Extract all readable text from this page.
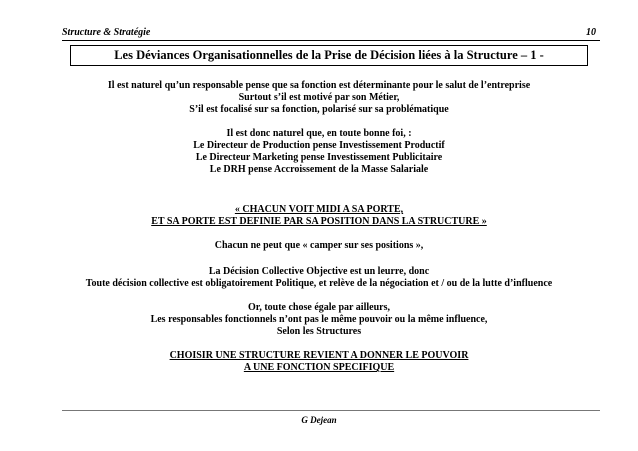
Structure & Stratégie	10
Les Déviances Organisationnelles de la Prise de Décision liées à la Structure – 1 -
Il est naturel qu’un responsable pense que sa fonction est déterminante pour le salut de l’entreprise
Surtout s’il est motivé par son Métier,
S’il est focalisé sur sa fonction, polarisé sur sa problématique
Il est donc naturel que, en toute bonne foi, :
Le Directeur de Production pense Investissement Productif
Le Directeur Marketing pense Investissement Publicitaire
Le DRH pense Accroissement de la Masse Salariale
« CHACUN VOIT MIDI A SA PORTE,
ET SA PORTE EST DEFINIE PAR SA POSITION DANS LA STRUCTURE »
Chacun ne peut que « camper sur ses positions »,
La Décision Collective Objective est un leurre, donc
Toute décision collective est obligatoirement Politique, et relève de la négociation et / ou de la lutte d’influence
Or, toute chose égale par ailleurs,
Les responsables fonctionnels n’ont pas le même pouvoir ou la même influence,
Selon les Structures
CHOISIR UNE STRUCTURE REVIENT A DONNER LE POUVOIR
A UNE FONCTION SPECIFIQUE
G Dejean
